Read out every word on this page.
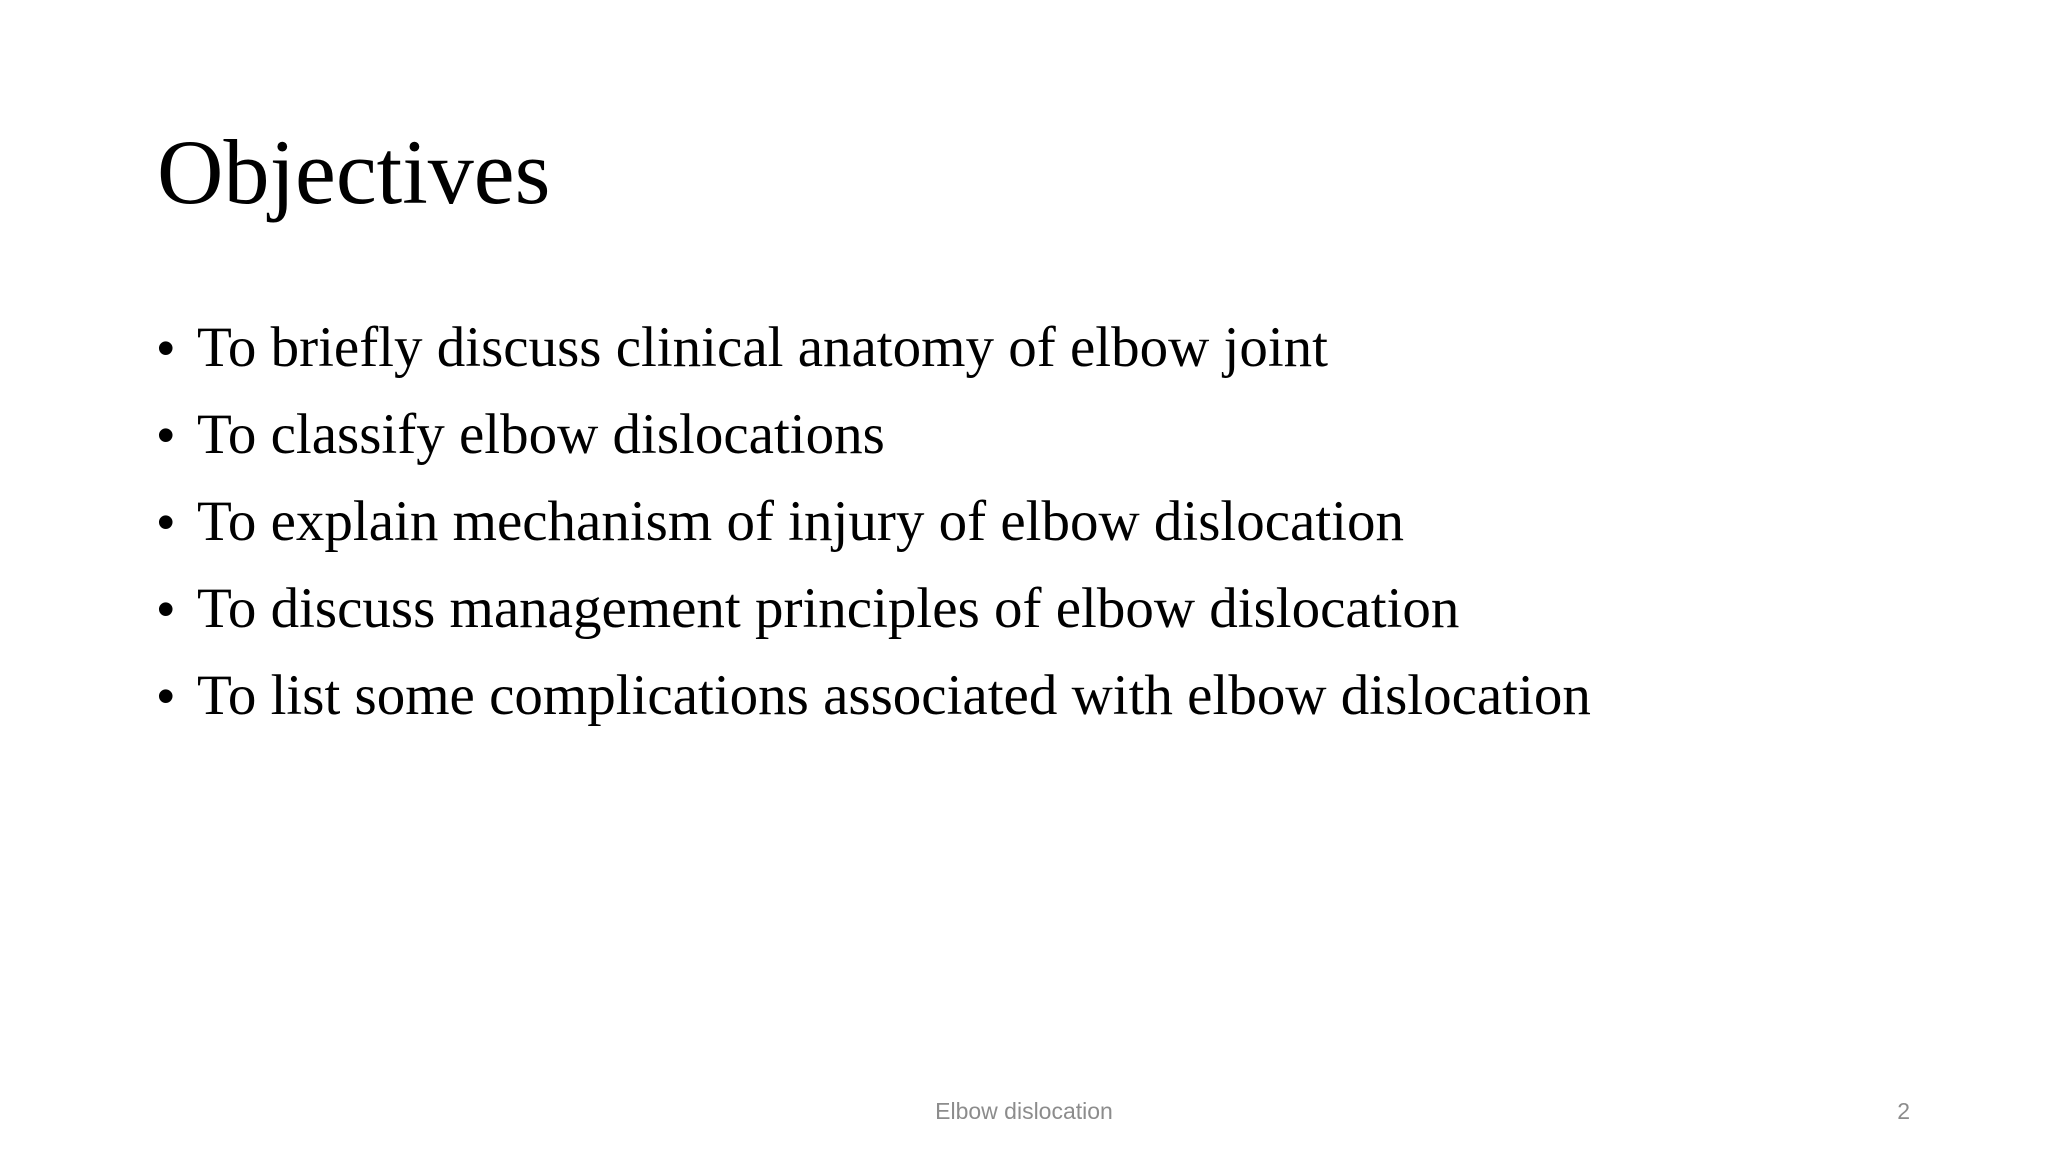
Objectives
• To briefly discuss clinical anatomy of elbow joint
• To classify elbow dislocations
• To explain mechanism of injury of elbow dislocation
• To discuss management principles of elbow dislocation
• To list some complications associated with elbow dislocation
Elbow dislocation	2
